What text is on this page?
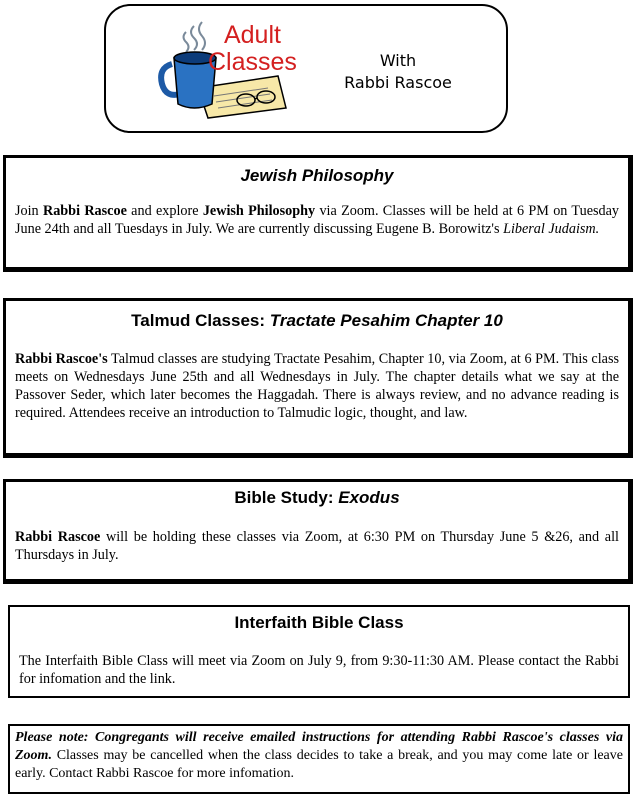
Adult
Classes	With
Rabbi Rascoe
Jewish Philosophy

Join Rabbi Rascoe and explore Jewish Philosophy via Zoom. Classes will be held at 6 PM on Tuesday June 24th and all Tuesdays in July. We are currently discussing Eugene B. Borowitz's Liberal Judaism.

Talmud Classes: Tractate Pesahim Chapter 10

Rabbi Rascoe's Talmud classes are studying Tractate Pesahim, Chapter 10, via Zoom, at 6 PM. This class meets on Wednesdays June 25th and all Wednesdays in July. The chapter details what we say at the Passover Seder, which later becomes the Haggadah. There is always review, and no advance reading is required. Attendees receive an introduction to Talmudic logic, thought, and law.

Bible Study: Exodus

Rabbi Rascoe will be holding these classes via Zoom, at 6:30 PM on Thursday June 5 &26, and all Thursdays in July.

Interfaith Bible Class

The Interfaith Bible Class will meet via Zoom on July 9, from 9:30-11:30 AM. Please contact the Rabbi for infomation and the link.

Please note: Congregants will receive emailed instructions for attending Rabbi Rascoe's classes via Zoom. Classes may be cancelled when the class decides to take a break, and you may come late or leave early. Contact Rabbi Rascoe for more infomation.
